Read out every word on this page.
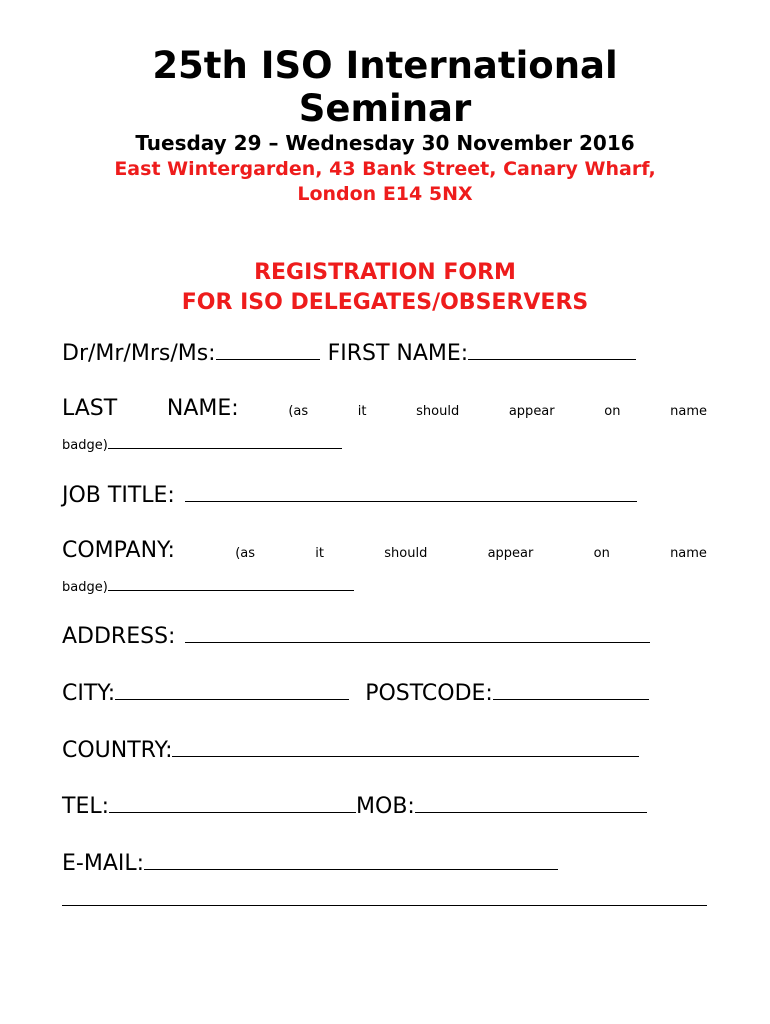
25th ISO International Seminar
Tuesday 29 – Wednesday 30 November 2016
East Wintergarden, 43 Bank Street, Canary Wharf,
London E14 5NX
REGISTRATION FORM
FOR ISO DELEGATES/OBSERVERS
Dr/Mr/Mrs/Ms:	FIRST NAME:
LAST NAME:	(as	it	should	appear	on	name
badge)
JOB TITLE:
COMPANY:	(as	it	should	appear	on	name
badge)
ADDRESS:
CITY:	POSTCODE:
COUNTRY:
TEL:	MOB:
E-MAIL:
